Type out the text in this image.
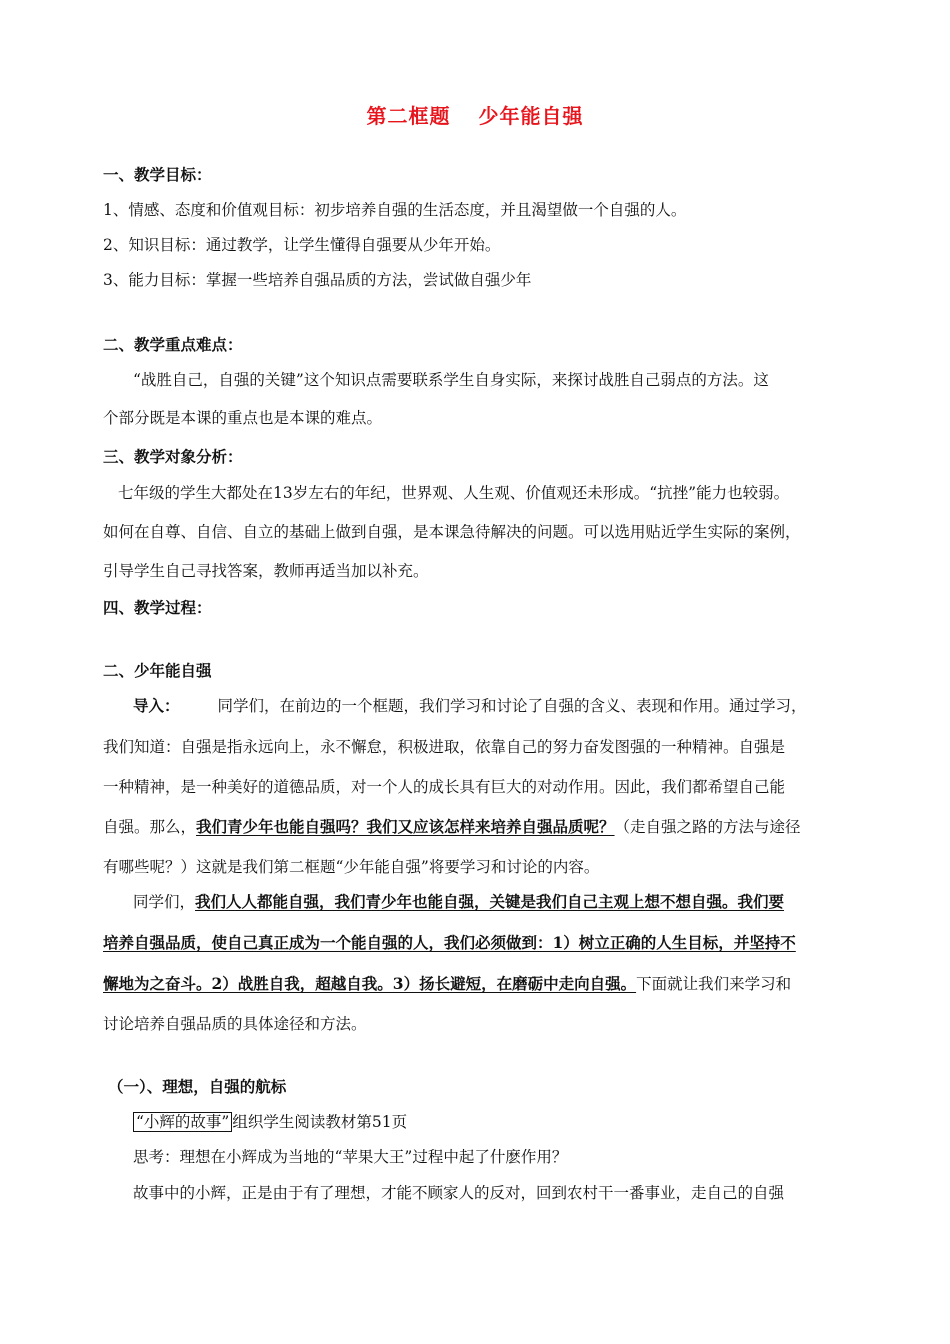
第二框题 少年能自强
一、教学目标：
1、情感、态度和价值观目标：初步培养自强的生活态度，并且渴望做一个自强的人。
2、知识目标：通过教学，让学生懂得自强要从少年开始。
3、能力目标：掌握一些培养自强品质的方法，尝试做自强少年
二、教学重点难点：
“战胜自己，自强的关键”这个知识点需要联系学生自身实际，来探讨战胜自己弱点的方法。这
个部分既是本课的重点也是本课的难点。
三、教学对象分析：
七年级的学生大都处在13岁左右的年纪，世界观、人生观、价值观还未形成。“抗挫”能力也较弱。
如何在自尊、自信、自立的基础上做到自强，是本课急待解决的问题。可以选用贴近学生实际的案例，
引导学生自己寻找答案，教师再适当加以补充。
四、教学过程：
二、少年能自强
导入： 同学们，在前边的一个框题，我们学习和讨论了自强的含义、表现和作用。通过学习，
我们知道：自强是指永远向上，永不懈怠，积极进取，依靠自己的努力奋发图强的一种精神。自强是
一种精神，是一种美好的道德品质，对一个人的成长具有巨大的对动作用。因此，我们都希望自己能
自强。那么，我们青少年也能自强吗？我们又应该怎样来培养自强品质呢？（走自强之路的方法与途径
有哪些呢？）这就是我们第二框题“少年能自强”将要学习和讨论的内容。
同学们，我们人人都能自强，我们青少年也能自强，关键是我们自己主观上想不想自强。我们要
培养自强品质，使自己真正成为一个能自强的人，我们必须做到：1）树立正确的人生目标，并坚持不
懈地为之奋斗。2）战胜自我，超越自我。3）扬长避短，在磨砺中走向自强。下面就让我们来学习和
讨论培养自强品质的具体途径和方法。
（一）、理想，自强的航标
“小辉的故事” 组织学生阅读教材第51页
思考：理想在小辉成为当地的“苹果大王”过程中起了什麽作用？
故事中的小辉，正是由于有了理想，才能不顾家人的反对，回到农村干一番事业，走自己的自强
